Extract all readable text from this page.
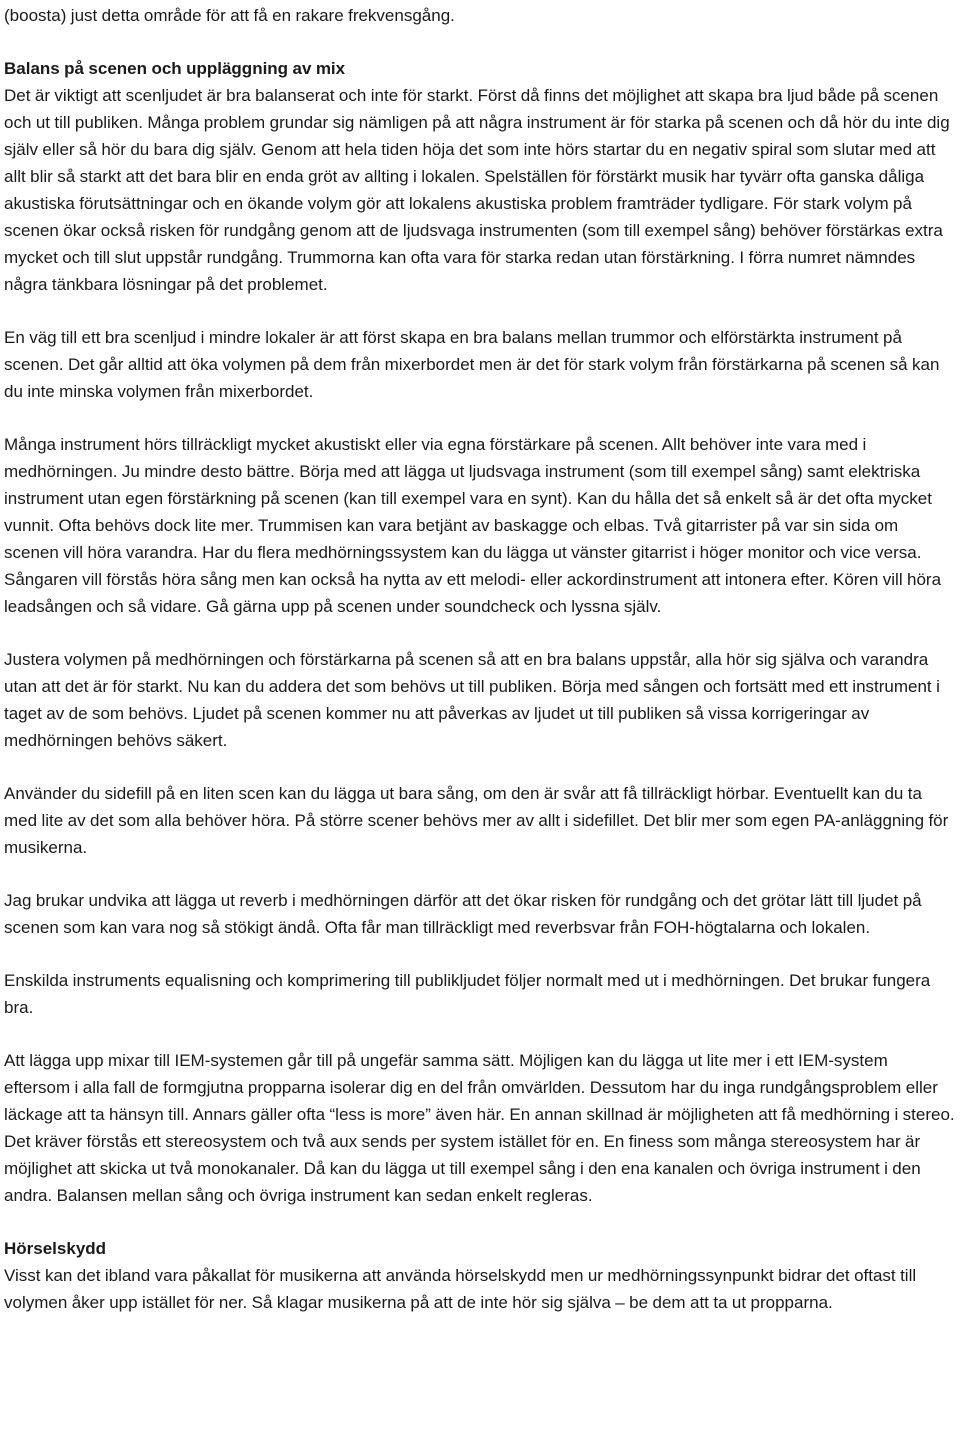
(boosta) just detta område för att få en rakare frekvensgång.

Balans på scenen och uppläggning av mix

Det är viktigt att scenljudet är bra balanserat och inte för starkt. Först då finns det möjlighet att skapa bra ljud både på scenen och ut till publiken. Många problem grundar sig nämligen på att några instrument är för starka på scenen och då hör du inte dig själv eller så hör du bara dig själv. Genom att hela tiden höja det som inte hörs startar du en negativ spiral som slutar med att allt blir så starkt att det bara blir en enda gröt av allting i lokalen. Spelställen för förstärkt musik har tyvärr ofta ganska dåliga akustiska förutsättningar och en ökande volym gör att lokalens akustiska problem framträder tydligare. För stark volym på scenen ökar också risken för rundgång genom att de ljudsvaga instrumenten (som till exempel sång) behöver förstärkas extra mycket och till slut uppstår rundgång. Trummorna kan ofta vara för starka redan utan förstärkning. I förra numret nämndes några tänkbara lösningar på det problemet.

En väg till ett bra scenljud i mindre lokaler är att först skapa en bra balans mellan trummor och elförstärkta instrument på scenen. Det går alltid att öka volymen på dem från mixerbordet men är det för stark volym från förstärkarna på scenen så kan du inte minska volymen från mixerbordet.

Många instrument hörs tillräckligt mycket akustiskt eller via egna förstärkare på scenen. Allt behöver inte vara med i medhörningen. Ju mindre desto bättre. Börja med att lägga ut ljudsvaga instrument (som till exempel sång) samt elektriska instrument utan egen förstärkning på scenen (kan till exempel vara en synt). Kan du hålla det så enkelt så är det ofta mycket vunnit. Ofta behövs dock lite mer. Trummisen kan vara betjänt av baskagge och elbas. Två gitarrister på var sin sida om scenen vill höra varandra. Har du flera medhörningssystem kan du lägga ut vänster gitarrist i höger monitor och vice versa. Sångaren vill förstås höra sång men kan också ha nytta av ett melodi- eller ackordinstrument att intonera efter. Kören vill höra leadsången och så vidare. Gå gärna upp på scenen under soundcheck och lyssna själv.

Justera volymen på medhörningen och förstärkarna på scenen så att en bra balans uppstår, alla hör sig själva och varandra utan att det är för starkt. Nu kan du addera det som behövs ut till publiken. Börja med sången och fortsätt med ett instrument i taget av de som behövs. Ljudet på scenen kommer nu att påverkas av ljudet ut till publiken så vissa korrigeringar av medhörningen behövs säkert.

Använder du sidefill på en liten scen kan du lägga ut bara sång, om den är svår att få tillräckligt hörbar. Eventuellt kan du ta med lite av det som alla behöver höra. På större scener behövs mer av allt i sidefillet. Det blir mer som egen PA-anläggning för musikerna.

Jag brukar undvika att lägga ut reverb i medhörningen därför att det ökar risken för rundgång och det grötar lätt till ljudet på scenen som kan vara nog så stökigt ändå. Ofta får man tillräckligt med reverbsvar från FOH-högtalarna och lokalen.

Enskilda instruments equalisning och komprimering till publikljudet följer normalt med ut i medhörningen. Det brukar fungera bra.

Att lägga upp mixar till IEM-systemen går till på ungefär samma sätt. Möjligen kan du lägga ut lite mer i ett IEM-system eftersom i alla fall de formgjutna propparna isolerar dig en del från omvärlden. Dessutom har du inga rundgångsproblem eller läckage att ta hänsyn till. Annars gäller ofta “less is more” även här. En annan skillnad är möjligheten att få medhörning i stereo. Det kräver förstås ett stereosystem och två aux sends per system istället för en. En finess som många stereosystem har är möjlighet att skicka ut två monokanaler. Då kan du lägga ut till exempel sång i den ena kanalen och övriga instrument i den andra. Balansen mellan sång och övriga instrument kan sedan enkelt regleras.

Hörselskydd

Visst kan det ibland vara påkallat för musikerna att använda hörselskydd men ur medhörningssynpunkt bidrar det oftast till volymen åker upp istället för ner. Så klagar musikerna på att de inte hör sig själva – be dem att ta ut propparna.
